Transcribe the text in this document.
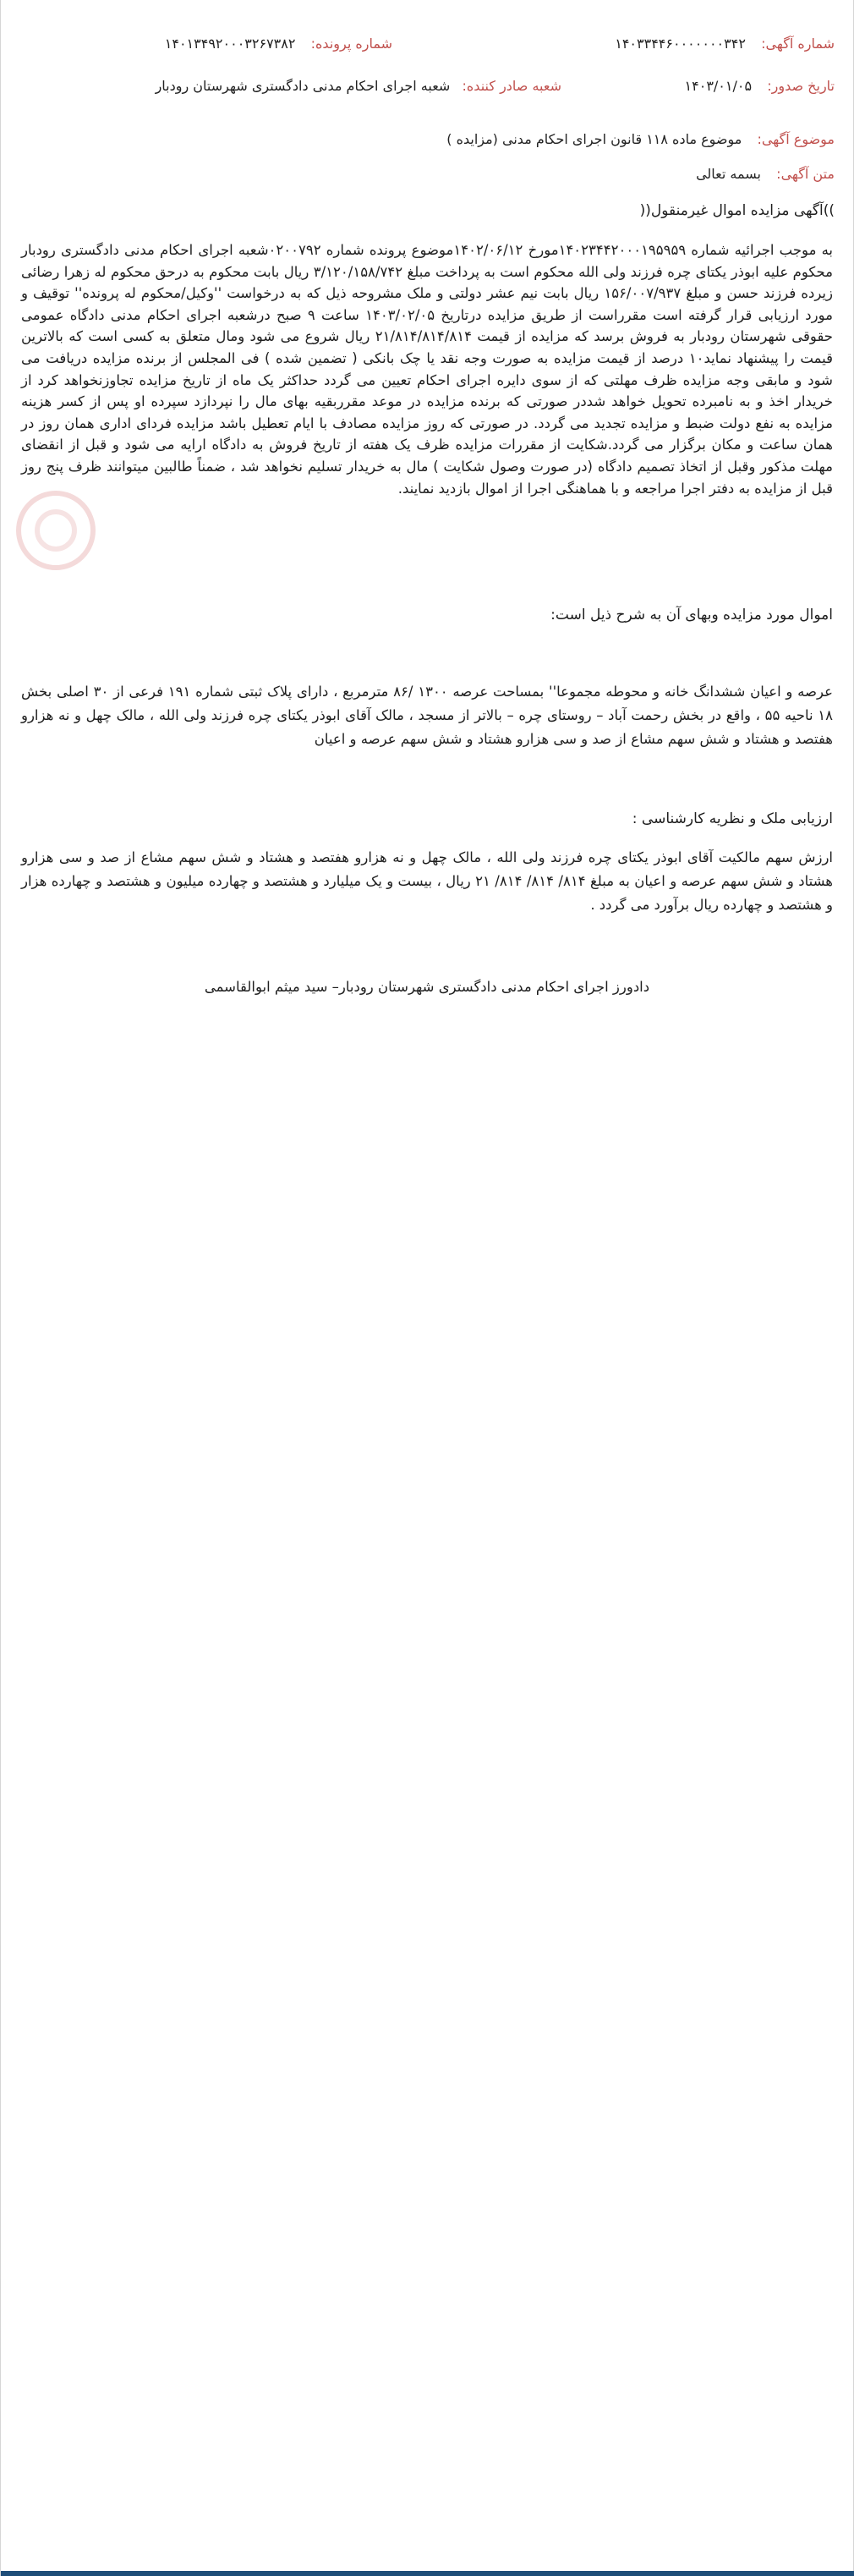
شماره آگهی:  ۱۴۰۳۳۴۴۶۰۰۰۰۰۰۰۳۴۲
شماره پرونده:  ۱۴۰۱۳۴۹۲۰۰۰۳۲۶۷۳۸۲
تاریخ صدور:  ۱۴۰۳/۰۱/۰۵
شعبه صادر کننده:  شعبه اجرای احکام مدنی دادگستری شهرستان رودبار
موضوع آگهی:  موضوع ماده ۱۱۸ قانون اجرای احکام مدنی (مزایده )
متن آگهی:  بسمه تعالی
))آگهی مزایده اموال غیرمنقول((
به موجب اجرائیه شماره ۱۴۰۲۳۴۴۲۰۰۰۱۹۵۹۵۹مورخ ۱۴۰۲/۰۶/۱۲موضوع پرونده شماره ۰۲۰۰۷۹۲شعبه اجرای احکام مدنی دادگستری رودبار محکوم علیه ابوذر یکتای چره فرزند ولی الله محکوم است به پرداخت مبلغ ۳/۱۲۰/۱۵۸/۷۴۲ ریال بابت محکوم به درحق محکوم له زهرا رضائی زیرده فرزند حسن و مبلغ ۱۵۶/۰۰۷/۹۳۷ ریال بابت نیم عشر دولتی و ملک مشروحه ذیل که به درخواست ''وکیل/محکوم له پرونده'' توقیف و مورد ارزیابی قرار گرفته است مقرراست از طریق مزایده درتاریخ ۱۴۰۳/۰۲/۰۵ ساعت ۹ صبح درشعبه اجرای احکام مدنی دادگاه عمومی حقوقی شهرستان رودبار به فروش برسد که مزایده از قیمت ۲۱/۸۱۴/۸۱۴/۸۱۴ ریال شروع می شود ومال متعلق به کسی است که بالاترین قیمت را پیشنهاد نماید۱۰ درصد از قیمت مزایده به صورت وجه نقد یا چک بانکی ( تضمین شده ) فی المجلس از برنده مزایده دریافت می شود و مابقی وجه مزایده ظرف مهلتی که از سوی دایره اجرای احکام تعیین می گردد حداکثر یک ماه از تاریخ مزایده تجاوزنخواهد کرد از خریدار اخذ و به نامبرده تحویل خواهد شددر صورتی که برنده مزایده در موعد مقرربقیه بهای مال را نپردازد سپرده او پس از کسر هزینه مزایده به نفع دولت ضبط و مزایده تجدید می گردد. در صورتی که روز مزایده مصادف با ایام تعطیل باشد مزایده فردای اداری همان روز در همان ساعت و مکان برگزار می گردد.شکایت از مقررات مزایده ظرف یک هفته از تاریخ فروش به دادگاه ارایه می شود و قبل از انقضای مهلت مذکور وقبل از اتخاذ تصمیم دادگاه (در صورت وصول شکایت ) مال به خریدار تسلیم نخواهد شد ، ضمناً طالبین میتوانند ظرف پنج روز قبل از مزایده به دفتر اجرا مراجعه و با هماهنگی اجرا از اموال بازدید نمایند.
اموال مورد مزایده وبهای آن به شرح ذیل است:
عرصه و اعیان ششدانگ خانه و محوطه مجموعا'' بمساحت عرصه ۱۳۰۰ /۸۶ مترمربع ، دارای پلاک ثبتی شماره ۱۹۱ فرعی از ۳۰ اصلی بخش ۱۸ ناحیه ۵۵ ، واقع در بخش رحمت آباد – روستای چره – بالاتر از مسجد ، مالک آقای ابوذر یکتای چره فرزند ولی الله ، مالک چهل و نه هزارو هفتصد و هشتاد و شش سهم مشاع از صد و سی هزارو هشتاد و شش سهم عرصه و اعیان
ارزیابی ملک و نظریه کارشناسی :
ارزش سهم مالکیت آقای ابوذر یکتای چره فرزند ولی الله ، مالک چهل و نه هزارو هفتصد و هشتاد و شش سهم مشاع از صد و سی هزارو هشتاد و شش سهم عرصه و اعیان به مبلغ ۸۱۴/ ۸۱۴/ ۸۱۴/ ۲۱ ریال ، بیست و یک میلیارد و هشتصد و چهارده میلیون و هشتصد و چهارده هزار و هشتصد و چهارده ریال برآورد می گردد .
دادورز اجرای احکام مدنی دادگستری شهرستان رودبار– سید میثم ابوالقاسمی
